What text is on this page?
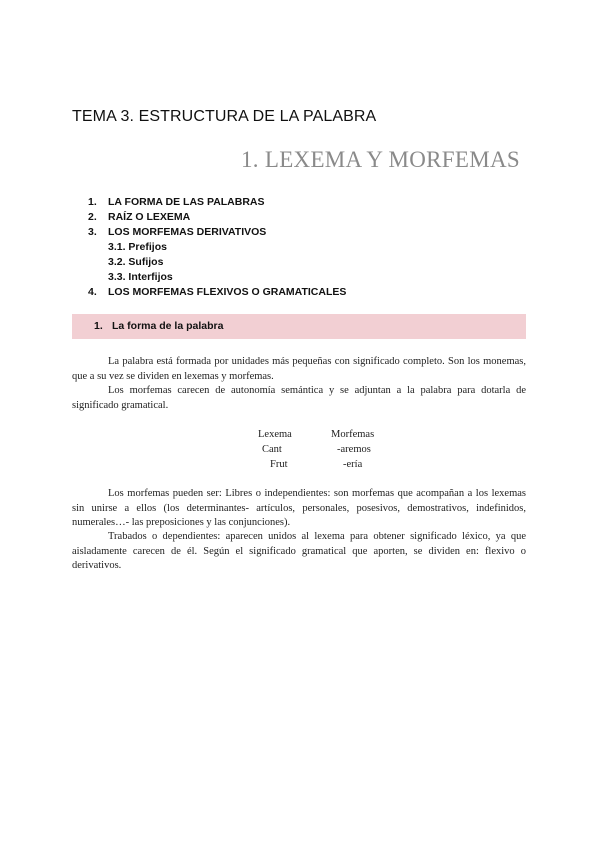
TEMA 3. ESTRUCTURA DE LA PALABRA
1. LEXEMA Y MORFEMAS
1. LA FORMA DE LAS PALABRAS
2. RAÍZ O LEXEMA
3. LOS MORFEMAS DERIVATIVOS
3.1. Prefijos
3.2. Sufijos
3.3. Interfijos
4. LOS MORFEMAS FLEXIVOS O GRAMATICALES
1. La forma de la palabra

La palabra está formada por unidades más pequeñas con significado completo. Son los monemas, que a su vez se dividen en lexemas y morfemas.

Los morfemas carecen de autonomía semántica y se adjuntan a la palabra para dotarla de significado gramatical.

Lexema	Morfemas
Cant	-aremos
Frut	-ería

Los morfemas pueden ser: Libres o independientes: son morfemas que acompañan a los lexemas sin unirse a ellos (los determinantes- artículos, personales, posesivos, demostrativos, indefinidos, numerales…- las preposiciones y las conjunciones).

Trabados o dependientes: aparecen unidos al lexema para obtener significado léxico, ya que aisladamente carecen de él. Según el significado gramatical que aporten, se dividen en: flexivo o derivativos.
